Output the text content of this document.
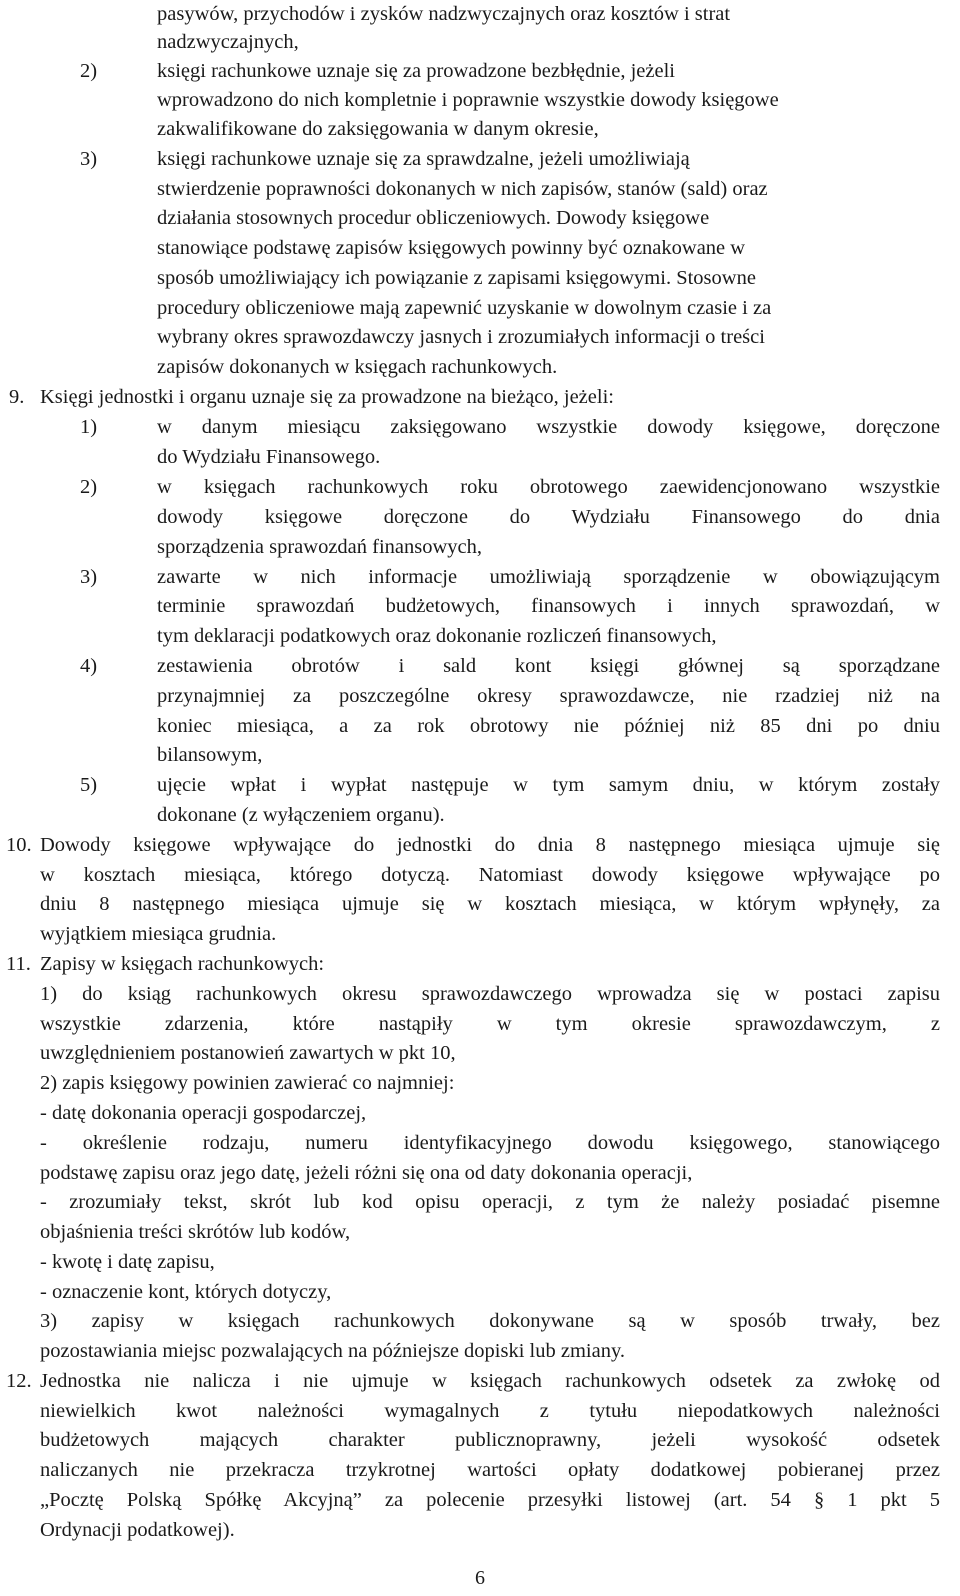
pasywów, przychodów i zysków nadzwyczajnych oraz kosztów i strat
nadzwyczajnych,
2)	księgi rachunkowe uznaje się za prowadzone bezbłędnie, jeżeli
wprowadzono do nich kompletnie i poprawnie wszystkie dowody księgowe
zakwalifikowane do zaksięgowania w danym okresie,
3)	księgi rachunkowe uznaje się za sprawdzalne, jeżeli umożliwiają
stwierdzenie poprawności dokonanych w nich zapisów, stanów (sald) oraz
działania stosownych procedur obliczeniowych. Dowody księgowe
stanowiące podstawę zapisów księgowych powinny być oznakowane w
sposób umożliwiający ich powiązanie z zapisami księgowymi. Stosowne
procedury obliczeniowe mają zapewnić uzyskanie w dowolnym czasie i za
wybrany okres sprawozdawczy jasnych i zrozumiałych informacji o treści
zapisów dokonanych w księgach rachunkowych.
9. Księgi jednostki i organu uznaje się za prowadzone na bieżąco, jeżeli:
1)	w danym miesiącu zaksięgowano wszystkie dowody księgowe, doręczone
do Wydziału Finansowego.
2)	w księgach rachunkowych roku obrotowego zaewidencjonowano wszystkie
dowody księgowe doręczone do Wydziału Finansowego do dnia
sporządzenia sprawozdań finansowych,
3)	zawarte w nich informacje umożliwiają sporządzenie w obowiązującym
terminie sprawozdań budżetowych, finansowych i innych sprawozdań, w
tym deklaracji podatkowych oraz dokonanie rozliczeń finansowych,
4)	zestawienia obrotów i sald kont księgi głównej są sporządzane
przynajmniej za poszczególne okresy sprawozdawcze, nie rzadziej niż na
koniec miesiąca, a za rok obrotowy nie później niż 85 dni po dniu
bilansowym,
5)	ujęcie wpłat i wypłat następuje w tym samym dniu, w którym zostały
dokonane (z wyłączeniem organu).
10. Dowody księgowe wpływające do jednostki do dnia 8 następnego miesiąca ujmuje się
w kosztach miesiąca, którego dotyczą. Natomiast dowody księgowe wpływające po
dniu 8 następnego miesiąca ujmuje się w kosztach miesiąca, w którym wpłynęły, za
wyjątkiem miesiąca grudnia.
11. Zapisy w księgach rachunkowych:
1) do ksiąg rachunkowych okresu sprawozdawczego wprowadza się w postaci zapisu
wszystkie zdarzenia, które nastąpiły w tym okresie sprawozdawczym, z
uwzględnieniem postanowień zawartych w pkt 10,
2) zapis księgowy powinien zawierać co najmniej:
- datę dokonania operacji gospodarczej,
- określenie rodzaju, numeru identyfikacyjnego dowodu księgowego, stanowiącego
podstawę zapisu oraz jego datę, jeżeli różni się ona od daty dokonania operacji,
- zrozumiały tekst, skrót lub kod opisu operacji, z tym że należy posiadać pisemne
objaśnienia treści skrótów lub kodów,
- kwotę i datę zapisu,
- oznaczenie kont, których dotyczy,
3) zapisy w księgach rachunkowych dokonywane są w sposób trwały, bez
pozostawiania miejsc pozwalających na późniejsze dopiski lub zmiany.
12. Jednostka nie nalicza i nie ujmuje w księgach rachunkowych odsetek za zwłokę od
niewielkich kwot należności wymagalnych z tytułu niepodatkowych należności
budżetowych mających charakter publicznoprawny, jeżeli wysokość odsetek
naliczanych nie przekracza trzykrotnej wartości opłaty dodatkowej pobieranej przez
„Pocztę Polską Spółkę Akcyjną” za polecenie przesyłki listowej (art. 54 § 1 pkt 5
Ordynacji podatkowej).
6
